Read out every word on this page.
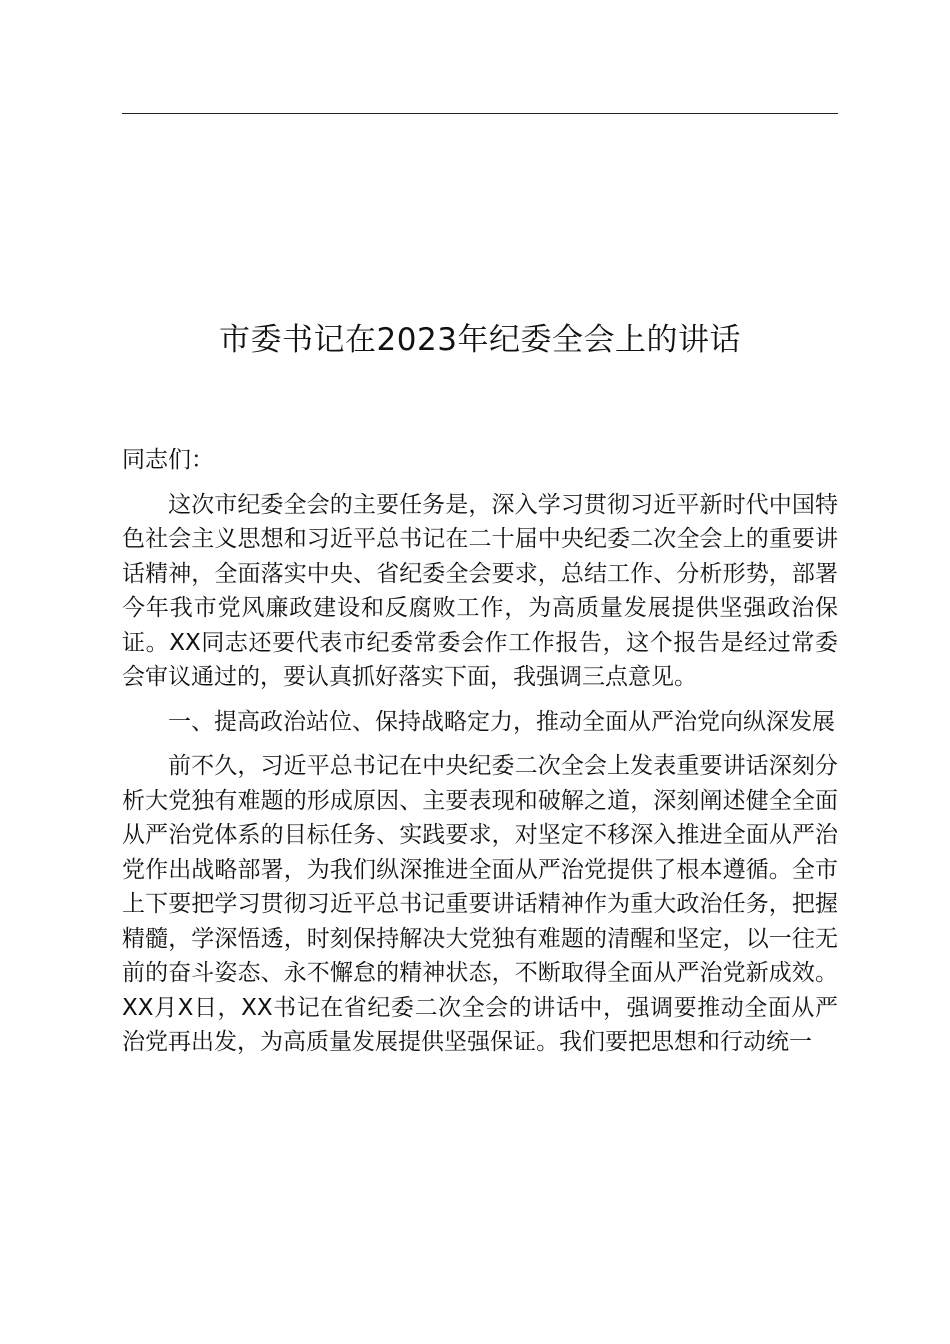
市委书记在2023年纪委全会上的讲话

同志们：

这次市纪委全会的主要任务是，深入学习贯彻习近平新时代中国特色社会主义思想和习近平总书记在二十届中央纪委二次全会上的重要讲话精神，全面落实中央、省纪委全会要求，总结工作、分析形势，部署今年我市党风廉政建设和反腐败工作，为高质量发展提供坚强政治保证。XX同志还要代表市纪委常委会作工作报告，这个报告是经过常委会审议通过的，要认真抓好落实下面，我强调三点意见。

一、提高政治站位、保持战略定力，推动全面从严治党向纵深发展

前不久，习近平总书记在中央纪委二次全会上发表重要讲话深刻分析大党独有难题的形成原因、主要表现和破解之道，深刻阐述健全全面从严治党体系的目标任务、实践要求，对坚定不移深入推进全面从严治党作出战略部署，为我们纵深推进全面从严治党提供了根本遵循。全市上下要把学习贯彻习近平总书记重要讲话精神作为重大政治任务，把握精髓，学深悟透，时刻保持解决大党独有难题的清醒和坚定，以一往无前的奋斗姿态、永不懈怠的精神状态，不断取得全面从严治党新成效。XX月X日，XX书记在省纪委二次全会的讲话中，强调要推动全面从严治党再出发，为高质量发展提供坚强保证。我们要把思想和行动统一
